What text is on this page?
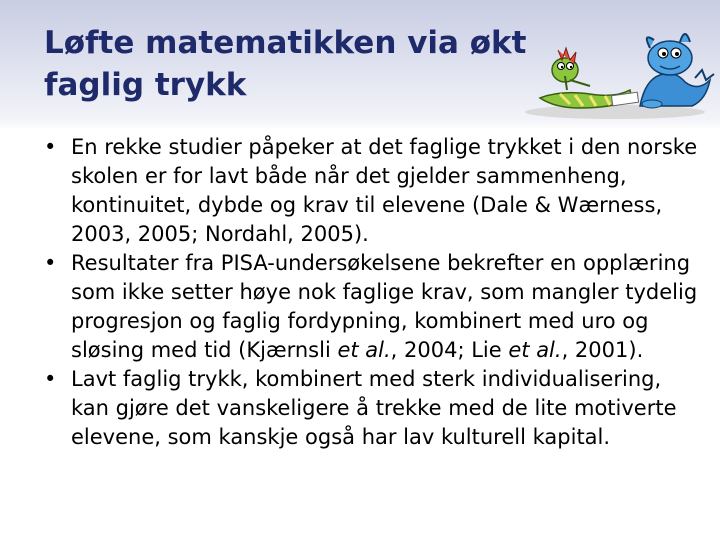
Løfte matematikken via økt
faglig trykk
• En rekke studier påpeker at det faglige trykket i den norske skolen er for lavt både når det gjelder sammenheng, kontinuitet, dybde og krav til elevene (Dale & Wærness, 2003, 2005; Nordahl, 2005).
• Resultater fra PISA-undersøkelsene bekrefter en opplæring som ikke setter høye nok faglige krav, som mangler tydelig progresjon og faglig fordypning, kombinert med uro og sløsing med tid (Kjærnsli et al., 2004; Lie et al., 2001).
• Lavt faglig trykk, kombinert med sterk individualisering, kan gjøre det vanskeligere å trekke med de lite motiverte elevene, som kanskje også har lav kulturell kapital.
